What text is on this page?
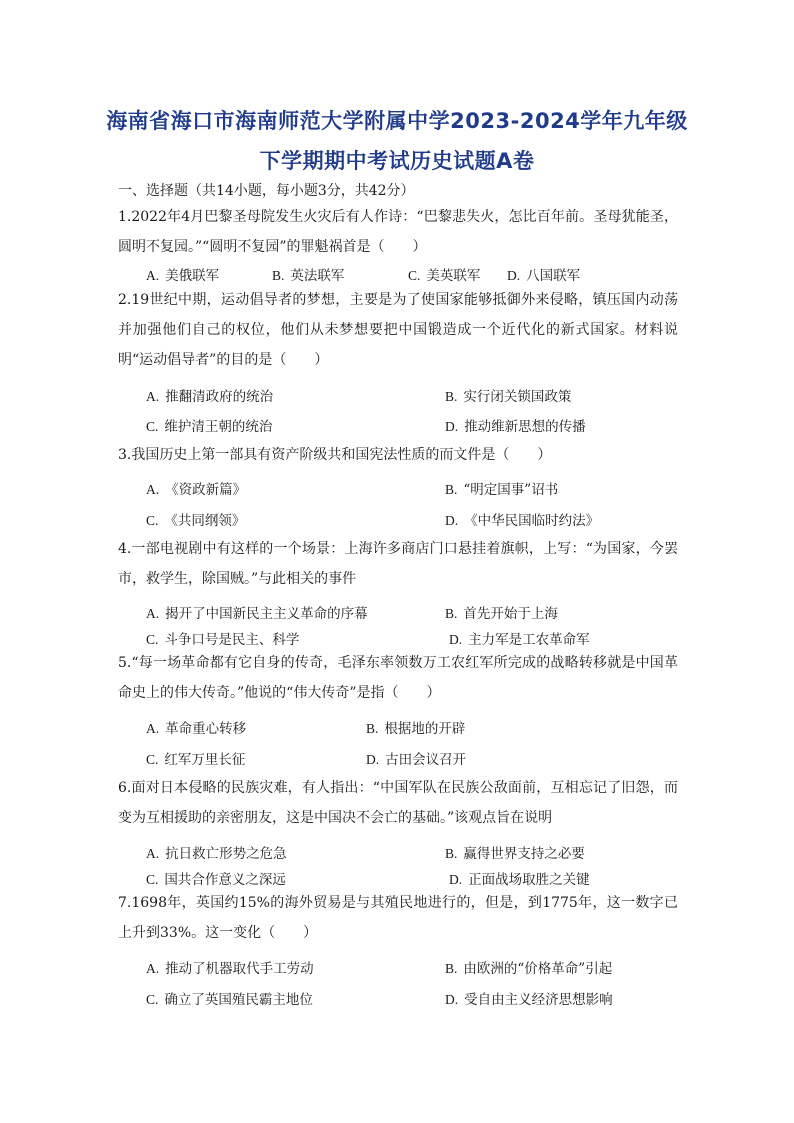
海南省海口市海南师范大学附属中学2023-2024学年九年级
下学期期中考试历史试题A卷
一、选择题（共14小题，每小题3分，共42分）
1.2022年4月巴黎圣母院发生火灾后有人作诗：“巴黎悲失火，怎比百年前。圣母犹能圣，圆明不复园。”“圆明不复园”的罪魁祸首是（　　）
A. 美俄联军	B. 英法联军	C. 美英联军 D. 八国联军
2.19世纪中期，运动倡导者的梦想，主要是为了使国家能够抵御外来侵略，镇压国内动荡并加强他们自己的权位，他们从未梦想要把中国锻造成一个近代化的新式国家。材料说明“运动倡导者”的目的是（　　）
A. 推翻清政府的统治	B. 实行闭关锁国政策
C. 维护清王朝的统治	D. 推动维新思想的传播
3.我国历史上第一部具有资产阶级共和国宪法性质的而文件是（　　）
A. 《资政新篇》	B. “明定国事”诏书
C. 《共同纲领》	D. 《中华民国临时约法》
4.一部电视剧中有这样的一个场景：上海许多商店门口悬挂着旗帜，上写：“为国家，今罢市，救学生，除国贼。”与此相关的事件
A. 揭开了中国新民主主义革命的序幕	B. 首先开始于上海
C. 斗争口号是民主、科学	D. 主力军是工农革命军
5.“每一场革命都有它自身的传奇，毛泽东率领数万工农红军所完成的战略转移就是中国革命史上的伟大传奇。”他说的“伟大传奇”是指（　　）
A. 革命重心转移	B. 根据地的开辟
C. 红军万里长征	D. 古田会议召开
6.面对日本侵略的民族灾难，有人指出：“中国军队在民族公敌面前，互相忘记了旧怨，而变为互相援助的亲密朋友，这是中国决不会亡的基础。”该观点旨在说明
A. 抗日救亡形势之危急	B. 赢得世界支持之必要
C. 国共合作意义之深远	D. 正面战场取胜之关键
7.1698年，英国约15%的海外贸易是与其殖民地进行的，但是，到1775年，这一数字已上升到33%。这一变化（　　）
A. 推动了机器取代手工劳动	B. 由欧洲的“价格革命”引起
C. 确立了英国殖民霸主地位	D. 受自由主义经济思想影响
